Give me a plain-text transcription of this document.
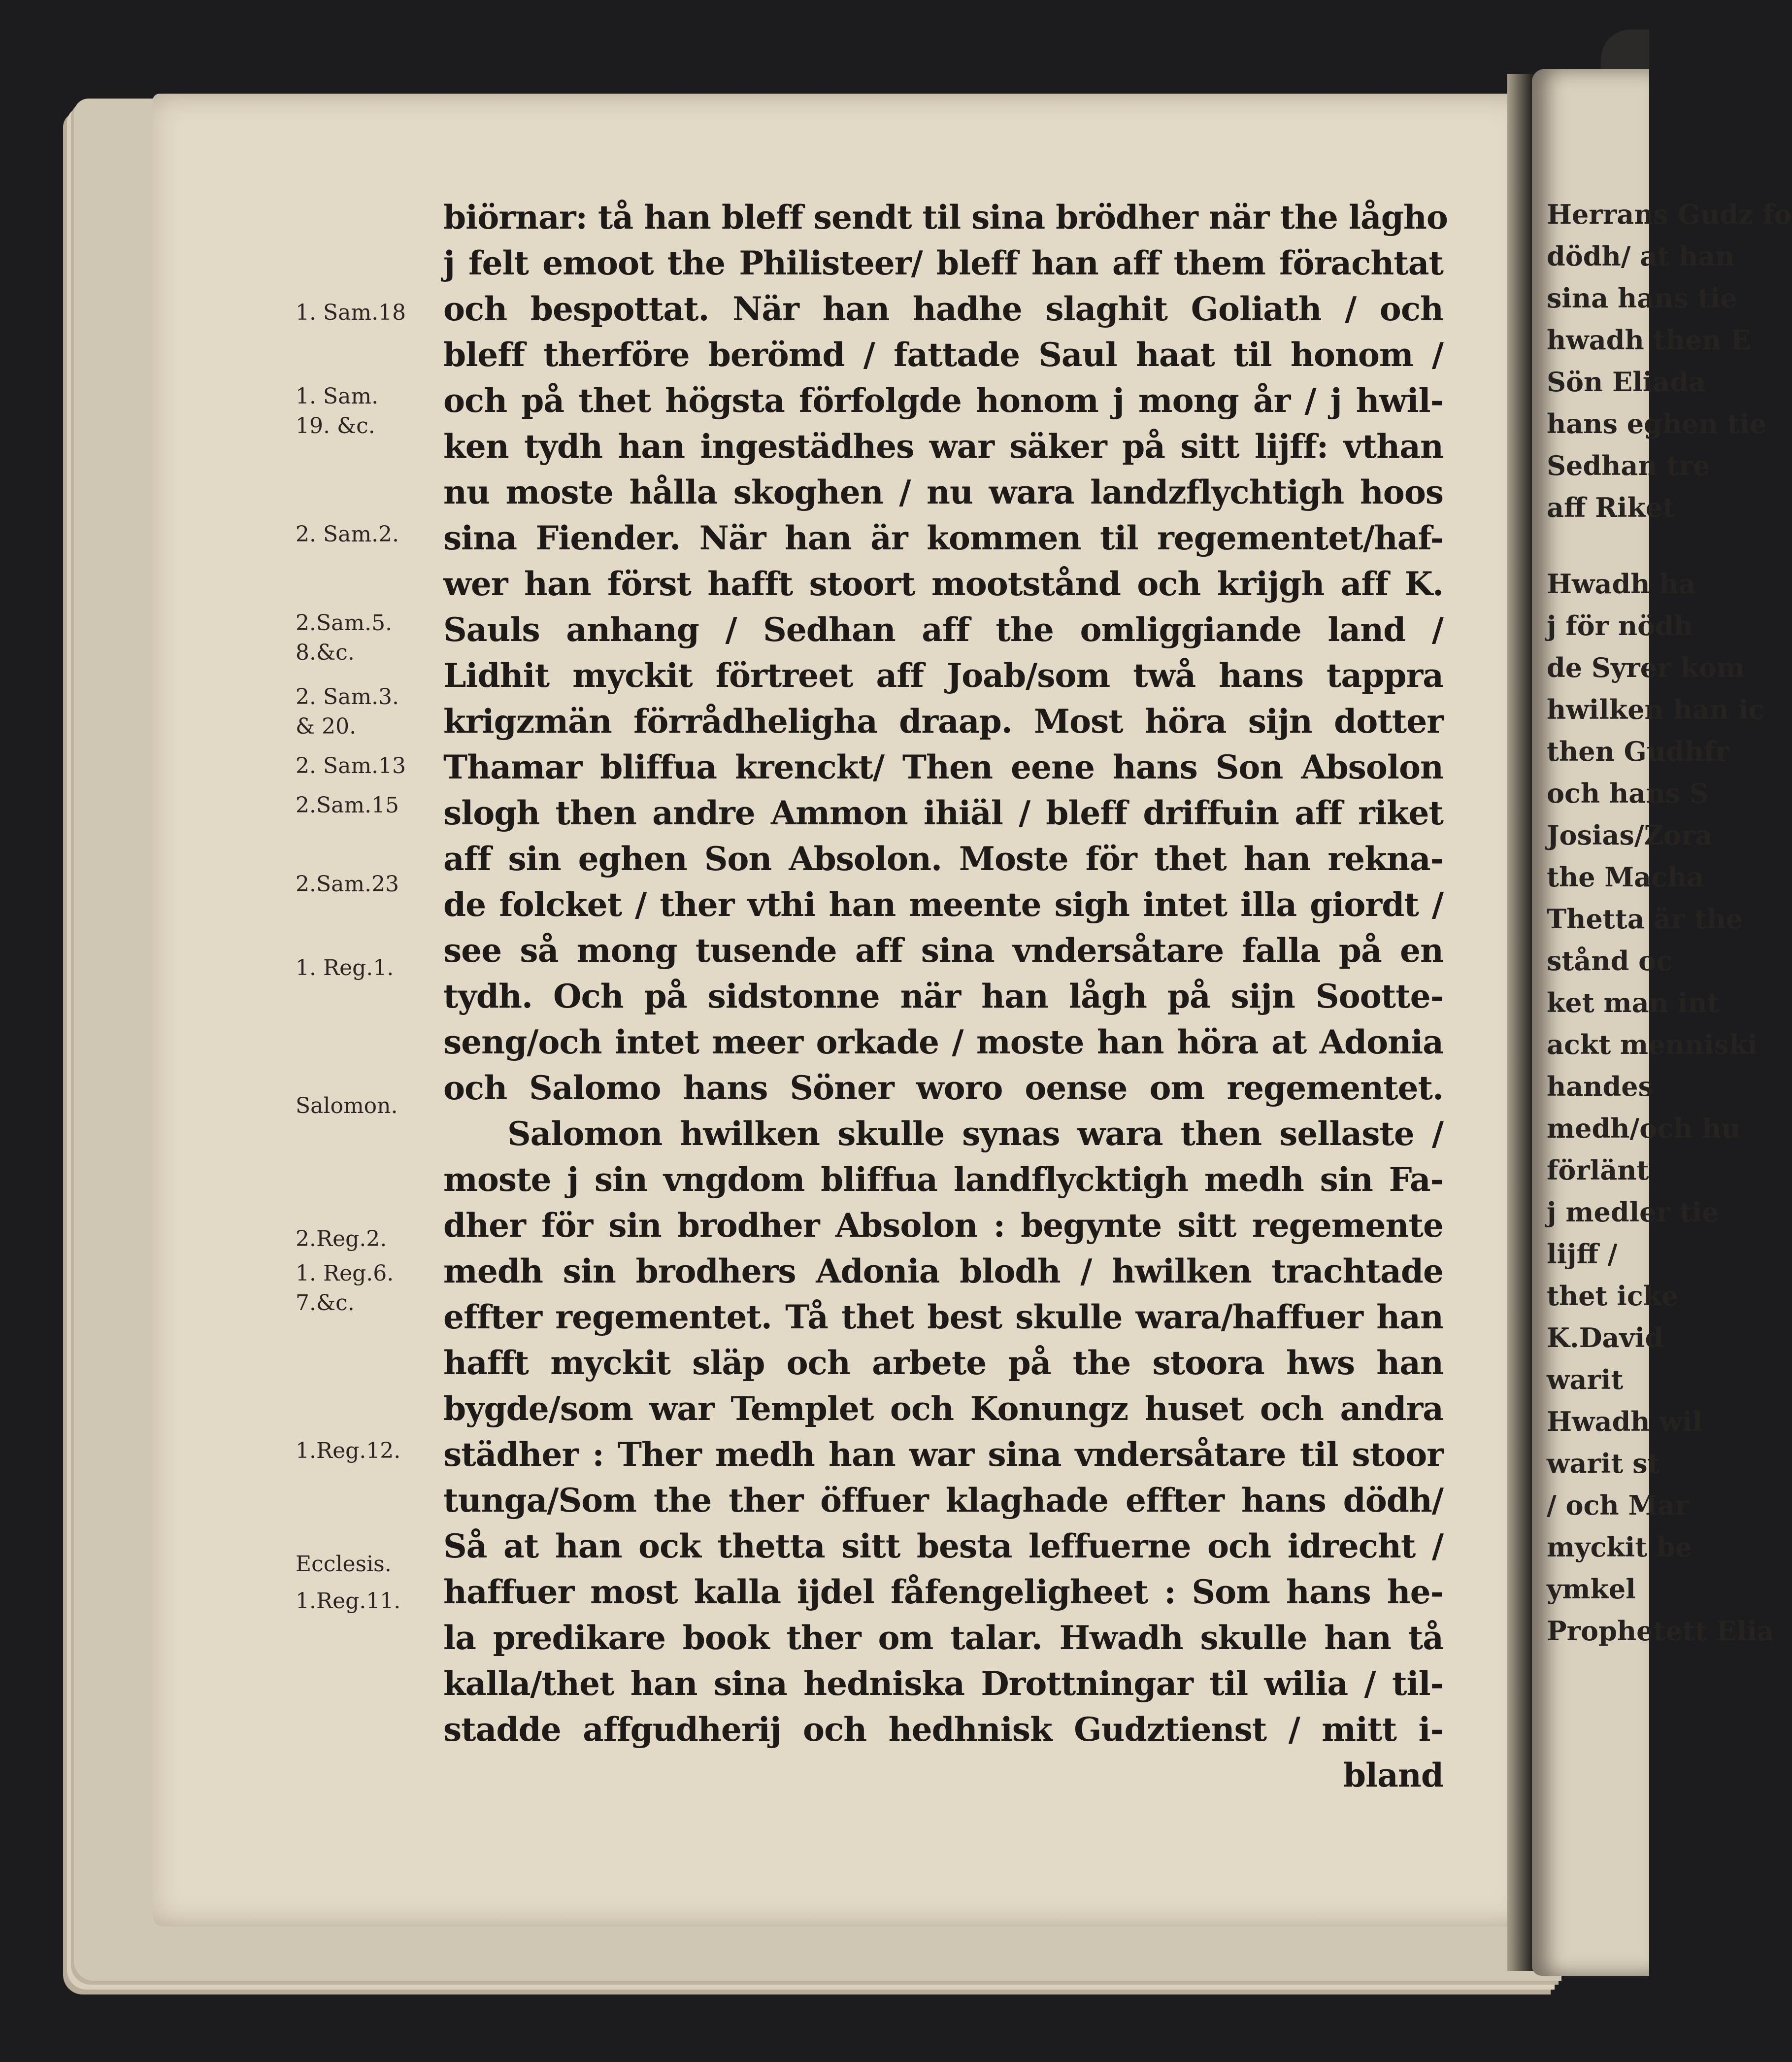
Herrans Gudz fo
dödh/ at han
sina hans tie
hwadh then E
Sön Eliada
hans eghen tie
Sedhan tre
aff Riket
Hwadh ha
j för nödh
de Syrer kom
hwilken han ic
then Gudhfr
och hans S
Josias/Zora
the Macha
Thetta är the
stånd oc
ket man int
ackt menniski
handes
medh/och hu
förlänt
j medler tie
lijff /
thet icke
K.David
warit
Hwadh wil
warit st
/ och Mar
myckit be
ymkel
Prophetett Elia
1. Sam.18
1. Sam.
19. &c.
2. Sam.2.
2.Sam.5.
8.&c.
2. Sam.3.
& 20.
2. Sam.13
2.Sam.15
2.Sam.23
1. Reg.1.
Salomon.
2.Reg.2.
1. Reg.6.
7.&c.
1.Reg.12.
Ecclesis.
1.Reg.11.
biörnar: tå han bleff sendt til sina brödher när the lågho
j felt emoot the Philisteer/ bleff han aff them förachtat
och bespottat. När han hadhe slaghit Goliath / och
bleff therföre berömd / fattade Saul haat til honom /
och på thet högsta förfolgde honom j mong år / j hwil-
ken tydh han ingestädhes war säker på sitt lijff: vthan
nu moste hålla skoghen / nu wara landzflychtigh hoos
sina Fiender. När han är kommen til regementet/haf-
wer han först hafft stoort mootstånd och krijgh aff K.
Sauls anhang / Sedhan aff the omliggiande land /
Lidhit myckit förtreet aff Joab/som twå hans tappra
krigzmän förrådheligha draap. Most höra sijn dotter
Thamar bliffua krenckt/ Then eene hans Son Absolon
slogh then andre Ammon ihiäl / bleff driffuin aff riket
aff sin eghen Son Absolon. Moste för thet han rekna-
de folcket / ther vthi han meente sigh intet illa giordt /
see så mong tusende aff sina vndersåtare falla på en
tydh. Och på sidstonne när han lågh på sijn Sootte-
seng/och intet meer orkade / moste han höra at Adonia
och Salomo hans Söner woro oense om regementet.
Salomon hwilken skulle synas wara then sellaste /
moste j sin vngdom bliffua landflycktigh medh sin Fa-
dher för sin brodher Absolon : begynte sitt regemente
medh sin brodhers Adonia blodh / hwilken trachtade
effter regementet. Tå thet best skulle wara/haffuer han
hafft myckit släp och arbete på the stoora hws han
bygde/som war Templet och Konungz huset och andra
städher : Ther medh han war sina vndersåtare til stoor
tunga/Som the ther öffuer klaghade effter hans dödh/
Så at han ock thetta sitt besta leffuerne och idrecht /
haffuer most kalla ijdel fåfengeligheet : Som hans he-
la predikare book ther om talar. Hwadh skulle han tå
kalla/thet han sina hedniska Drottningar til wilia / til-
stadde affgudherij och hedhnisk Gudztienst / mitt i-
bland
